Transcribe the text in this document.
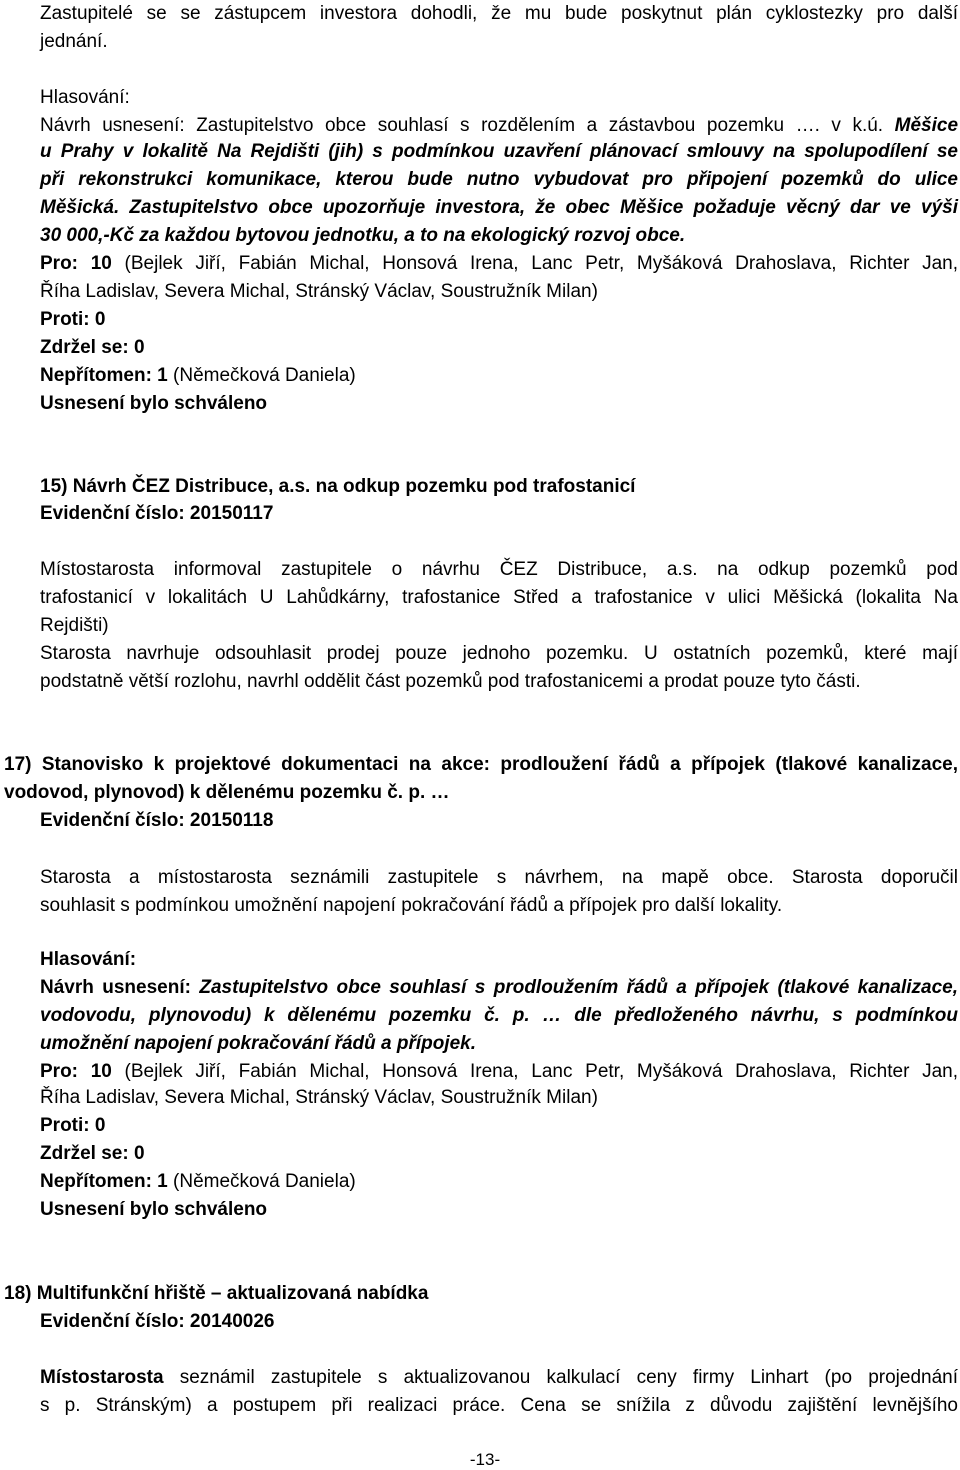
Zastupitelé se se zástupcem investora dohodli, že mu bude poskytnut plán cyklostezky pro další
jednání.
Hlasování:
Návrh usnesení: Zastupitelstvo obce souhlasí s rozdělením a zástavbou pozemku …. v k.ú. Měšice
u Prahy v lokalitě Na Rejdišti (jih) s podmínkou uzavření plánovací smlouvy na spolupodílení se
při rekonstrukci komunikace, kterou bude nutno vybudovat pro připojení pozemků do ulice
Měšická. Zastupitelstvo obce upozorňuje investora, že obec Měšice požaduje věcný dar ve výši
30 000,-Kč za každou bytovou jednotku, a to na ekologický rozvoj obce.
Pro: 10 (Bejlek Jiří, Fabián Michal, Honsová Irena, Lanc Petr, Myšáková Drahoslava, Richter Jan,
Říha Ladislav, Severa Michal, Stránský Václav, Soustružník Milan)
Proti: 0
Zdržel se: 0
Nepřítomen: 1 (Němečková Daniela)
Usnesení bylo schváleno
15) Návrh ČEZ Distribuce, a.s. na odkup pozemku pod trafostanicí
Evidenční číslo: 20150117
Místostarosta informoval zastupitele o návrhu ČEZ Distribuce, a.s. na odkup pozemků pod
trafostanicí v lokalitách U Lahůdkárny, trafostanice Střed a trafostanice v ulici Měšická (lokalita Na
Rejdišti)
Starosta navrhuje odsouhlasit prodej pouze jednoho pozemku. U ostatních pozemků, které mají
podstatně větší rozlohu, navrhl oddělit část pozemků pod trafostanicemi a prodat pouze tyto části.
17) Stanovisko k projektové dokumentaci na akce: prodloužení řádů a přípojek (tlakové kanalizace,
vodovod, plynovod) k dělenému pozemku č. p. …
Evidenční číslo: 20150118
Starosta a místostarosta seznámili zastupitele s návrhem, na mapě obce. Starosta doporučil
souhlasit s podmínkou umožnění napojení pokračování řádů a přípojek pro další lokality.
Hlasování:
Návrh usnesení: Zastupitelstvo obce souhlasí s prodloužením řádů a přípojek (tlakové kanalizace,
vodovodu, plynovodu) k dělenému pozemku č. p. … dle předloženého návrhu, s podmínkou
umožnění napojení pokračování řádů a přípojek.
Pro: 10 (Bejlek Jiří, Fabián Michal, Honsová Irena, Lanc Petr, Myšáková Drahoslava, Richter Jan,
Říha Ladislav, Severa Michal, Stránský Václav, Soustružník Milan)
Proti: 0
Zdržel se: 0
Nepřítomen: 1 (Němečková Daniela)
Usnesení bylo schváleno
18) Multifunkční hřiště – aktualizovaná nabídka
Evidenční číslo: 20140026
Místostarosta seznámil zastupitele s aktualizovanou kalkulací ceny firmy Linhart (po projednání
s p. Stránským) a postupem při realizaci práce. Cena se snížila z důvodu zajištění levnějšího
-13-
